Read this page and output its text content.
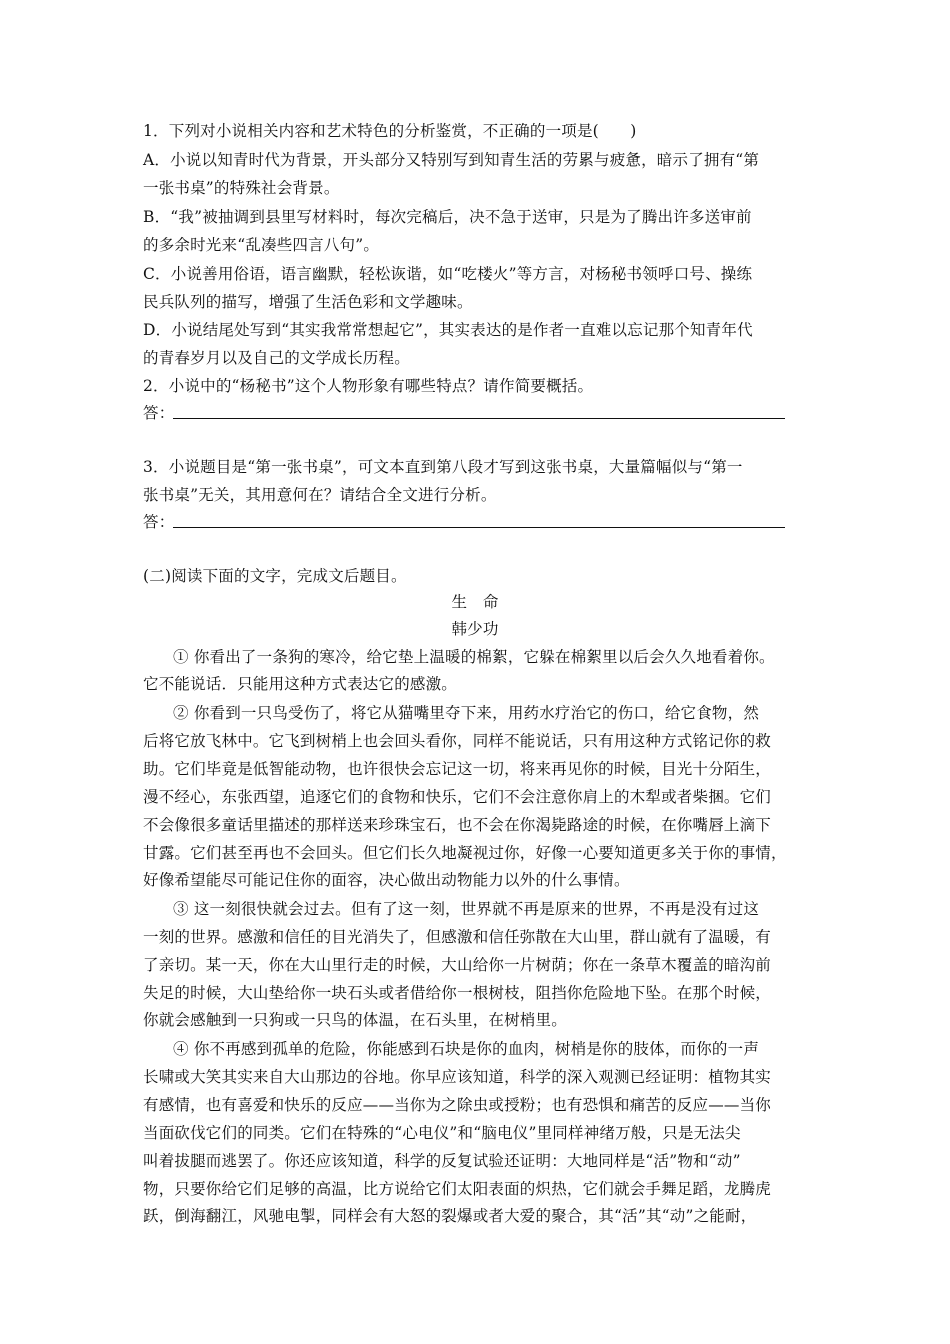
1．下列对小说相关内容和艺术特色的分析鉴赏，不正确的一项是(　　)
A．小说以知青时代为背景，开头部分又特别写到知青生活的劳累与疲惫，暗示了拥有“第
一张书桌”的特殊社会背景。
B．“我”被抽调到县里写材料时，每次完稿后，决不急于送审，只是为了腾出许多送审前
的多余时光来“乱凑些四言八句”。
C．小说善用俗语，语言幽默，轻松诙谐，如“吃楼火”等方言，对杨秘书领呼口号、操练
民兵队列的描写，增强了生活色彩和文学趣味。
D．小说结尾处写到“其实我常常想起它”，其实表达的是作者一直难以忘记那个知青年代
的青春岁月以及自己的文学成长历程。
2．小说中的“杨秘书”这个人物形象有哪些特点？请作简要概括。
答：
3．小说题目是“第一张书桌”，可文本直到第八段才写到这张书桌，大量篇幅似与“第一
张书桌”无关，其用意何在？请结合全文进行分析。
答：
(二)阅读下面的文字，完成文后题目。
生　命
韩少功
① 你看出了一条狗的寒冷，给它垫上温暖的棉絮，它躲在棉絮里以后会久久地看着你。
它不能说话．只能用这种方式表达它的感激。
② 你看到一只鸟受伤了，将它从猫嘴里夺下来，用药水疗治它的伤口，给它食物，然
后将它放飞林中。它飞到树梢上也会回头看你，同样不能说话，只有用这种方式铭记你的救
助。它们毕竟是低智能动物，也许很快会忘记这一切，将来再见你的时候，目光十分陌生，
漫不经心，东张西望，追逐它们的食物和快乐，它们不会注意你肩上的木犁或者柴捆。它们
不会像很多童话里描述的那样送来珍珠宝石，也不会在你渴毙路途的时候，在你嘴唇上滴下
甘露。它们甚至再也不会回头。但它们长久地凝视过你，好像一心要知道更多关于你的事情，
好像希望能尽可能记住你的面容，决心做出动物能力以外的什么事情。
③ 这一刻很快就会过去。但有了这一刻，世界就不再是原来的世界，不再是没有过这
一刻的世界。感激和信任的目光消失了，但感激和信任弥散在大山里，群山就有了温暖，有
了亲切。某一天，你在大山里行走的时候，大山给你一片树荫；你在一条草木覆盖的暗沟前
失足的时候，大山垫给你一块石头或者借给你一根树枝，阻挡你危险地下坠。在那个时候，
你就会感触到一只狗或一只鸟的体温，在石头里，在树梢里。
④ 你不再感到孤单的危险，你能感到石块是你的血肉，树梢是你的肢体，而你的一声
长啸或大笑其实来自大山那边的谷地。你早应该知道，科学的深入观测已经证明：植物其实
有感情，也有喜爱和快乐的反应——当你为之除虫或授粉；也有恐惧和痛苦的反应——当你
当面砍伐它们的同类。它们在特殊的“心电仪”和“脑电仪”里同样神绪万般，只是无法尖
叫着拔腿而逃罢了。你还应该知道，科学的反复试验还证明：大地同样是“活”物和“动”
物，只要你给它们足够的高温，比方说给它们太阳表面的炽热，它们就会手舞足蹈，龙腾虎
跃，倒海翻江，风驰电掣，同样会有大怒的裂爆或者大爱的聚合，其“活”其“动”之能耐，
